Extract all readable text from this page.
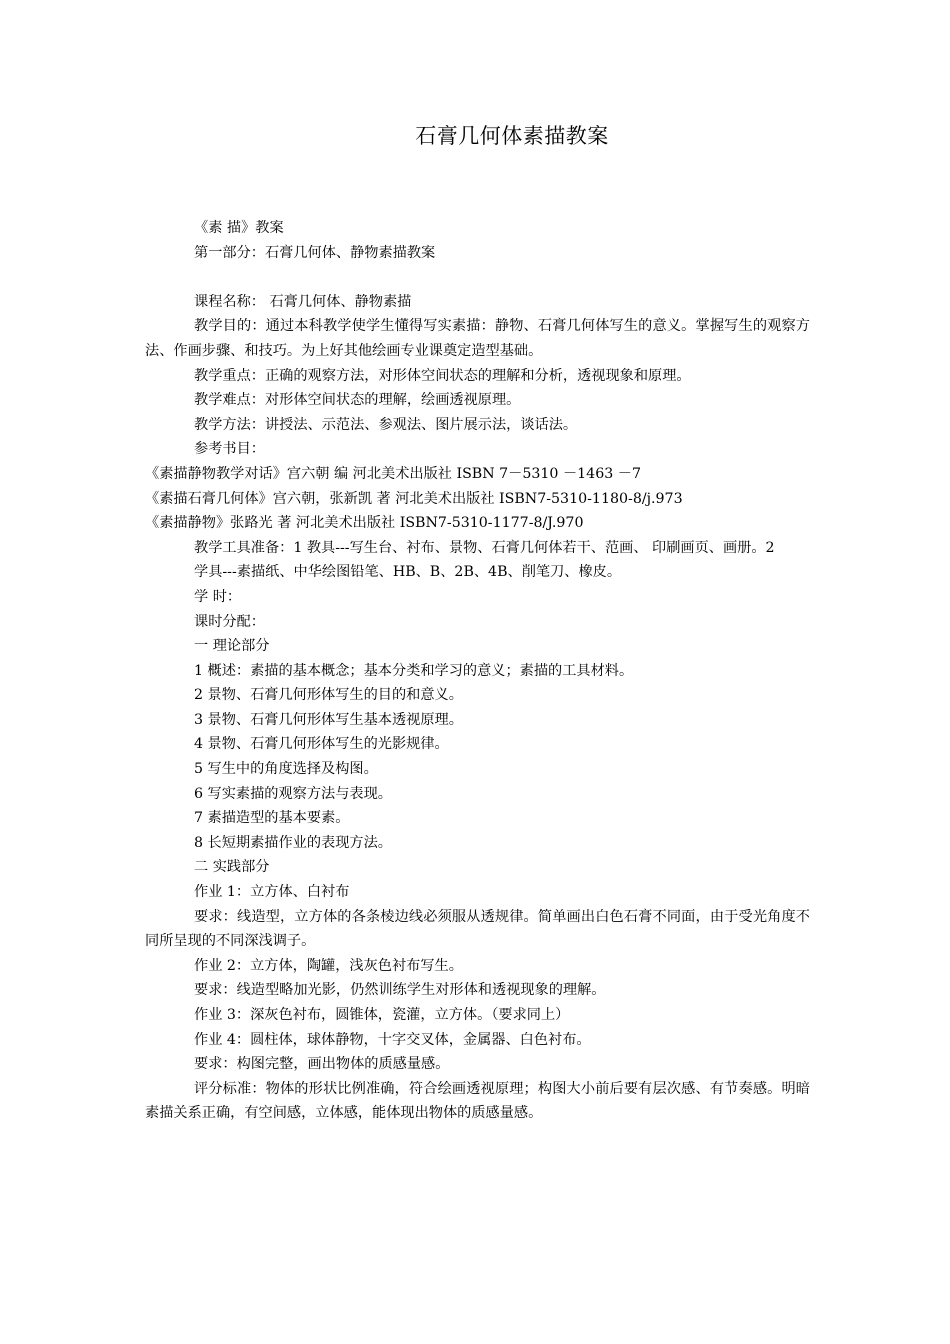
石膏几何体素描教案
《素 描》教案
第一部分：石膏几何体、静物素描教案
课程名称： 石膏几何体、静物素描
教学目的：通过本科教学使学生懂得写实素描：静物、石膏几何体写生的意义。掌握写生的观察方法、作画步骤、和技巧。为上好其他绘画专业课奠定造型基础。
教学重点：正确的观察方法，对形体空间状态的理解和分析，透视现象和原理。
教学难点：对形体空间状态的理解，绘画透视原理。
教学方法：讲授法、示范法、参观法、图片展示法，谈话法。
参考书目：
《素描静物教学对话》宫六朝 编 河北美术出版社 ISBN 7－5310 －1463 －7
《素描石膏几何体》宫六朝，张新凯 著 河北美术出版社 ISBN7-5310-1180-8/j.973
《素描静物》张路光 著 河北美术出版社 ISBN7-5310-1177-8/J.970
教学工具准备：1 教具---写生台、衬布、景物、石膏几何体若干、范画、 印刷画页、画册。2
学具---素描纸、中华绘图铅笔、HB、B、2B、4B、削笔刀、橡皮。
学 时：
课时分配：
一 理论部分
1 概述：素描的基本概念；基本分类和学习的意义；素描的工具材料。
2 景物、石膏几何形体写生的目的和意义。
3 景物、石膏几何形体写生基本透视原理。
4 景物、石膏几何形体写生的光影规律。
5 写生中的角度选择及构图。
6 写实素描的观察方法与表现。
7 素描造型的基本要素。
8 长短期素描作业的表现方法。
二 实践部分
作业 1：立方体、白衬布
要求：线造型，立方体的各条棱边线必须服从透规律。简单画出白色石膏不同面，由于受光角度不同所呈现的不同深浅调子。
作业 2：立方体，陶罐，浅灰色衬布写生。
要求：线造型略加光影，仍然训练学生对形体和透视现象的理解。
作业 3：深灰色衬布，圆锥体，瓷灌，立方体。（要求同上）
作业 4：圆柱体，球体静物，十字交叉体，金属器、白色衬布。
要求：构图完整，画出物体的质感量感。
评分标准：物体的形状比例准确，符合绘画透视原理；构图大小前后要有层次感、有节奏感。明暗素描关系正确，有空间感，立体感，能体现出物体的质感量感。
